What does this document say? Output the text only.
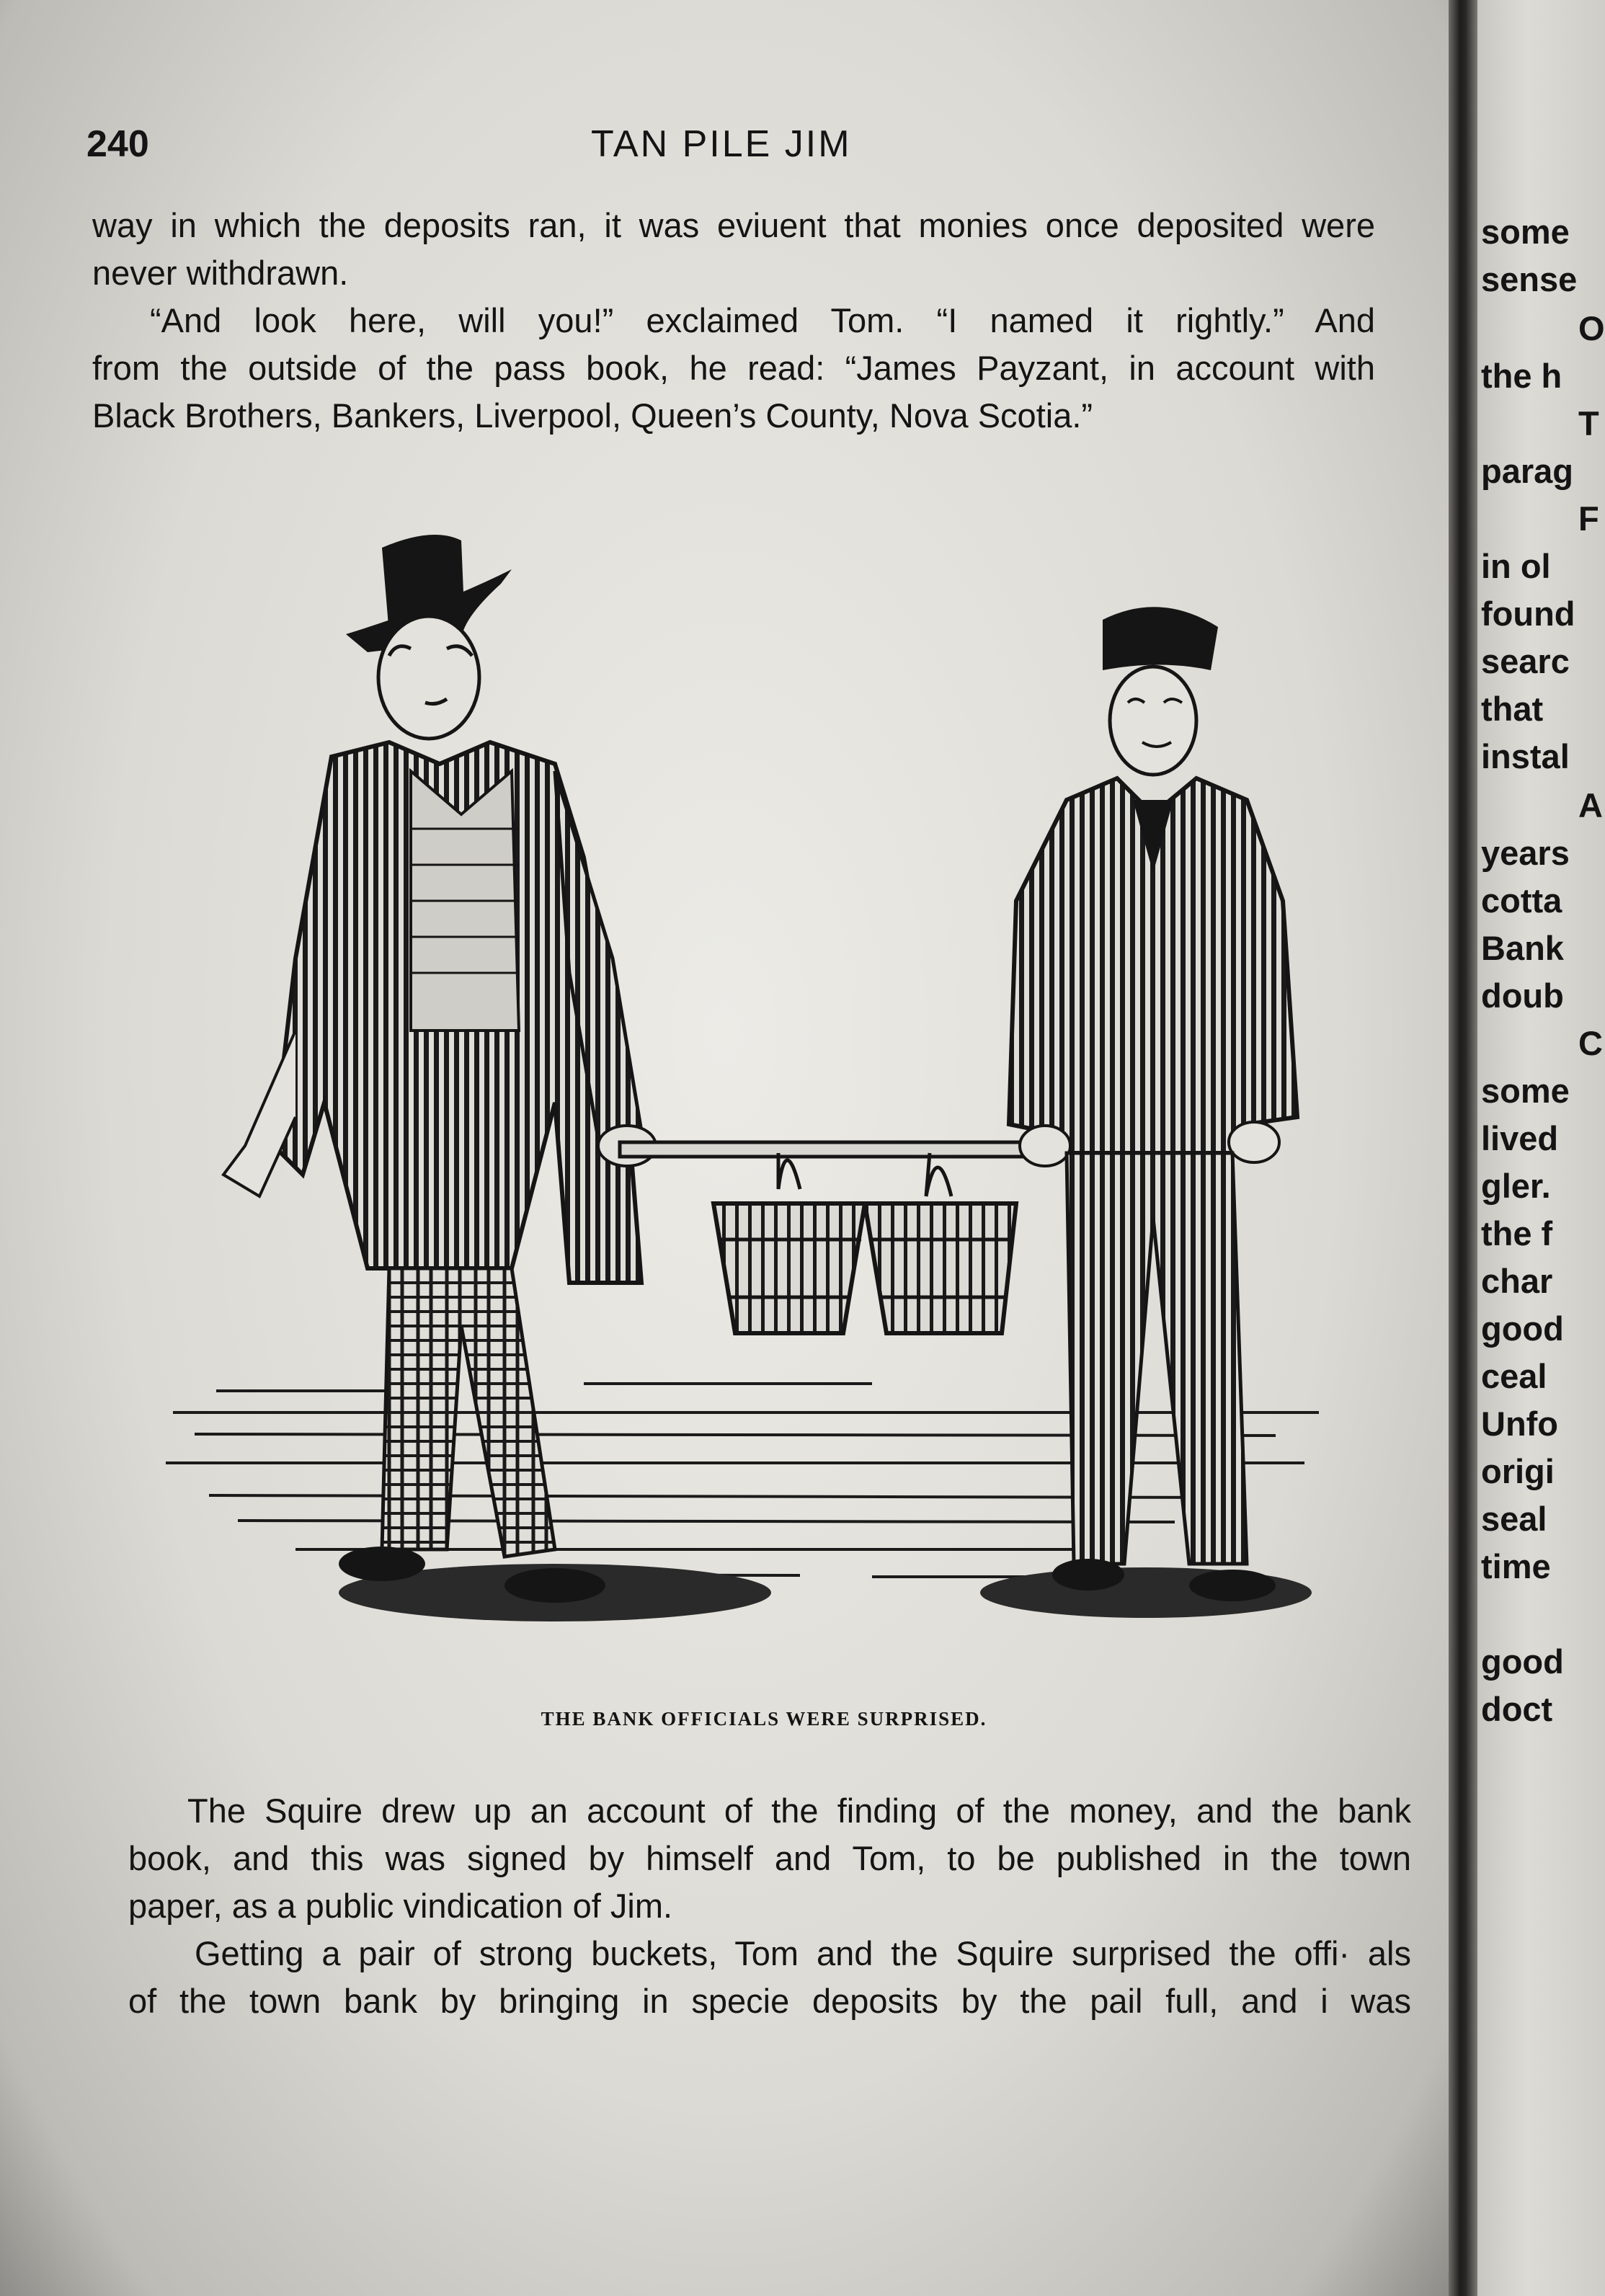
240	TAN PILE JIM
way in which the deposits ran, it was eviuent that monies once deposited were
never withdrawn.
“And look here, will you!” exclaimed Tom. “I named it rightly.” And
from the outside of the pass book, he read: “James Payzant, in account with
Black Brothers, Bankers, Liverpool, Queen’s County, Nova Scotia.”
THE BANK OFFICIALS WERE SURPRISED.
The Squire drew up an account of the finding of the money, and the bank
book, and this was signed by himself and Tom, to be published in the town
paper, as a public vindication of Jim.
Getting a pair of strong buckets, Tom and the Squire surprised the offi· als
of the town bank by bringing in specie deposits by the pail full, and i was
some
sense
O
the h
T
parag
F
in ol
found
searc
that
instal
A
years
cotta
Bank
doub
C
some
lived
gler.
the f
char
good
ceal
Unfo
origi
seal
time
good
doct
